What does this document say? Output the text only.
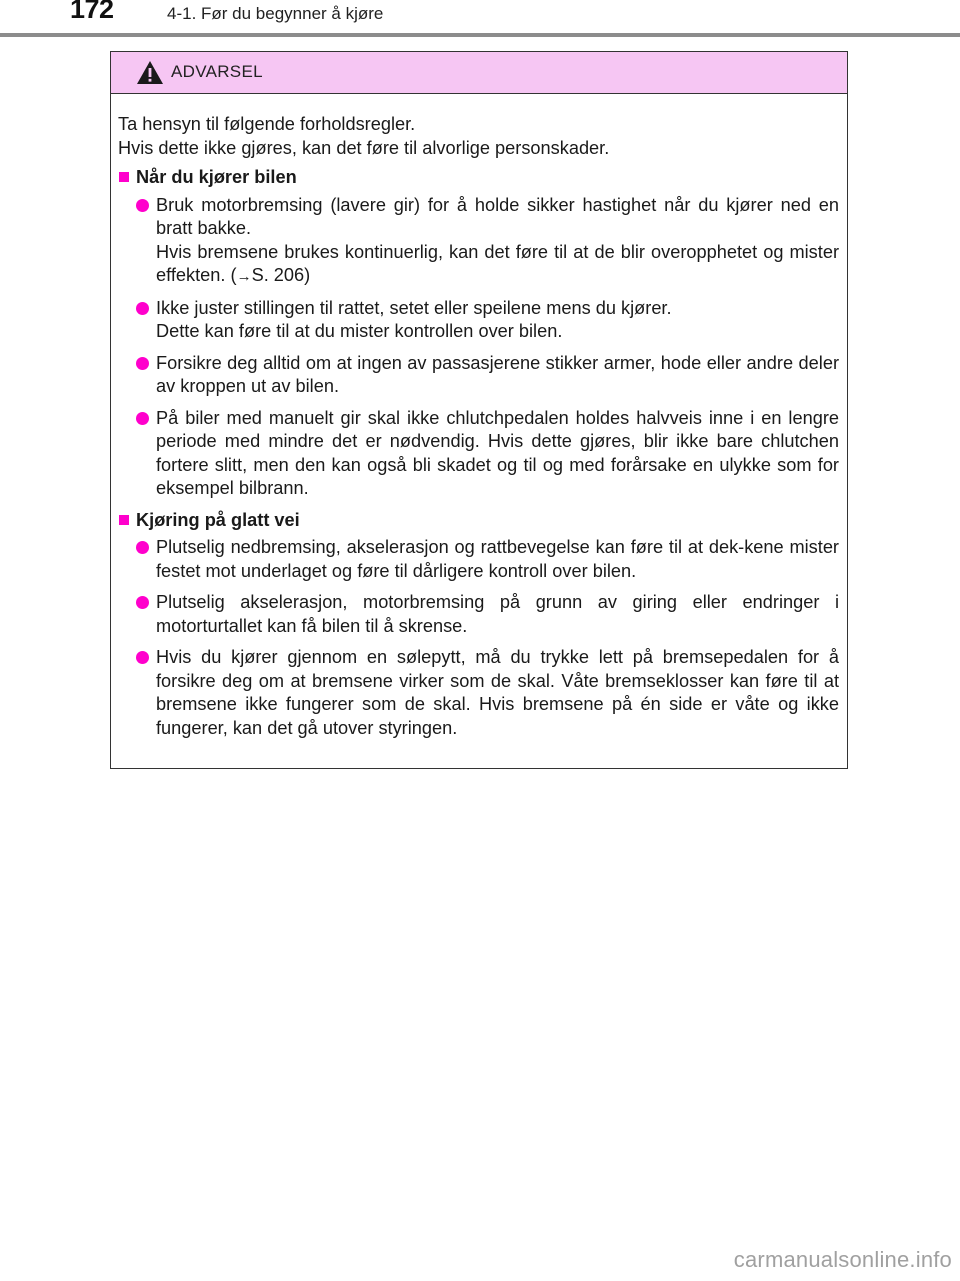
172	4-1. Før du begynner å kjøre
ADVARSEL
Ta hensyn til følgende forholdsregler.
Hvis dette ikke gjøres, kan det føre til alvorlige personskader.
Når du kjører bilen

Bruk motorbremsing (lavere gir) for å holde sikker hastighet når du kjører ned en bratt bakke.

Hvis bremsene brukes kontinuerlig, kan det føre til at de blir overopphetet og mister effekten. (→S. 206)

Ikke juster stillingen til rattet, setet eller speilene mens du kjører.

Dette kan føre til at du mister kontrollen over bilen.

Forsikre deg alltid om at ingen av passasjerene stikker armer, hode eller andre deler av kroppen ut av bilen.

På biler med manuelt gir skal ikke chlutchpedalen holdes halvveis inne i en lengre periode med mindre det er nødvendig. Hvis dette gjøres, blir ikke bare chlutchen fortere slitt, men den kan også bli skadet og til og med forårsake en ulykke som for eksempel bilbrann.

Kjøring på glatt vei

Plutselig nedbremsing, akselerasjon og rattbevegelse kan føre til at dek-kene mister festet mot underlaget og føre til dårligere kontroll over bilen.

Plutselig akselerasjon, motorbremsing på grunn av giring eller endringer i motorturtallet kan få bilen til å skrense.

Hvis du kjører gjennom en sølepytt, må du trykke lett på bremsepedalen for å forsikre deg om at bremsene virker som de skal. Våte bremseklosser kan føre til at bremsene ikke fungerer som de skal. Hvis bremsene på én side er våte og ikke fungerer, kan det gå utover styringen.

carmanualsonline.info
